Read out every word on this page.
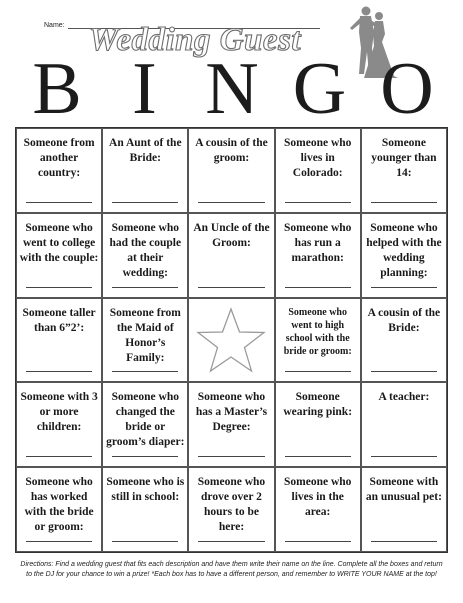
Name: Wedding Guest
B I N G O
Someone from another country:
An Aunt of the Bride:
A cousin of the groom:
Someone who lives in Colorado:
Someone younger than 14:
Someone who went to college with the couple:
Someone who had the couple at their wedding:
An Uncle of the Groom:
Someone who has run a marathon:
Someone who helped with the wedding planning:
Someone taller than 6”2’:
Someone from the Maid of Honor’s Family:
Someone who went to high school with the bride or groom:
A cousin of the Bride:
Someone with 3 or more children:
Someone who changed the bride or groom’s diaper:
Someone who has a Master’s Degree:
Someone wearing pink:
A teacher:
Someone who has worked with the bride or groom:
Someone who is still in school:
Someone who drove over 2 hours to be here:
Someone who lives in the area:
Someone with an unusual pet:
Directions: Find a wedding guest that fits each description and have them write their name on the line. Complete all the boxes and return to the DJ for your chance to win a prize! *Each box has to have a different person, and remember to WRITE YOUR NAME at the top!
